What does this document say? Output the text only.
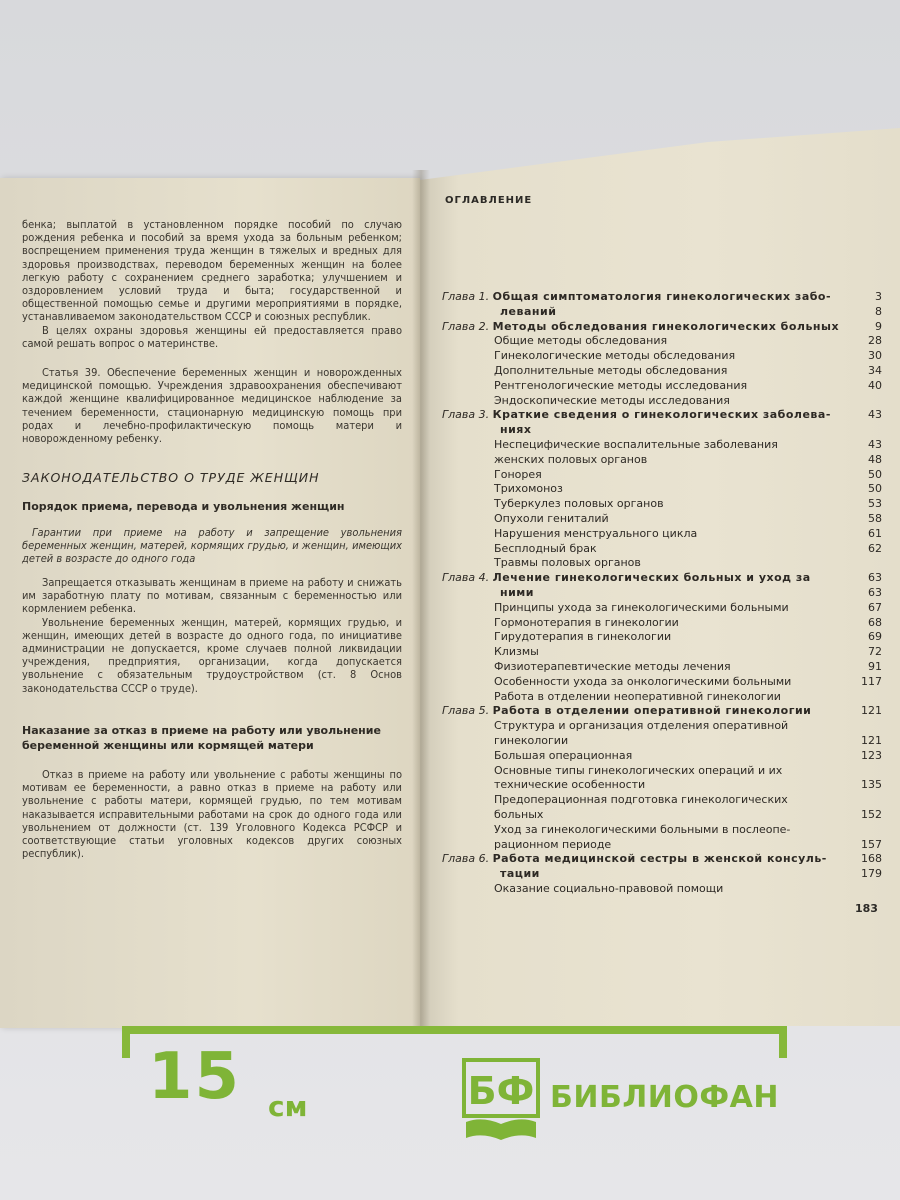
бенка; выплатой в установленном порядке пособий по случаю рождения ребенка и пособий за время ухода за больным ребенком; воспрещением применения труда женщин в тяжелых и вредных для здоровья производствах, переводом беременных женщин на более легкую работу с сохранением среднего заработка; улучшением и оздоровлением условий труда и быта; государственной и общественной помощью семье и другими мероприятиями в порядке, устанавливаемом законодательством СССР и союзных республик.

В целях охраны здоровья женщины ей предоставляется право самой решать вопрос о материнстве.

Статья 39. Обеспечение беременных женщин и новорожденных медицинской помощью. Учреждения здравоохранения обеспечивают каждой женщине квалифицированное медицинское наблюдение за течением беременности, стационарную медицинскую помощь при родах и лечебно-профилактическую помощь матери и новорожденному ребенку.

ЗАКОНОДАТЕЛЬСТВО О ТРУДЕ ЖЕНЩИН
Порядок приема, перевода и увольнения женщин

Гарантии при приеме на работу и запрещение увольнения беременных женщин, матерей, кормящих грудью, и женщин, имеющих детей в возрасте до одного года

Запрещается отказывать женщинам в приеме на работу и снижать им заработную плату по мотивам, связанным с беременностью или кормлением ребенка.

Увольнение беременных женщин, матерей, кормящих грудью, и женщин, имеющих детей в возрасте до одного года, по инициативе администрации не допускается, кроме случаев полной ликвидации учреждения, предприятия, организации, когда допускается увольнение с обязательным трудоустройством (ст. 8 Основ законодательства СССР о труде).

Наказание за отказ в приеме на работу или увольнение беременной женщины или кормящей матери

Отказ в приеме на работу или увольнение с работы женщины по мотивам ее беременности, а равно отказ в приеме на работу или увольнение с работы матери, кормящей грудью, по тем мотивам наказывается исправительными работами на срок до одного года или увольнением от должности (ст. 139 Уголовного Кодекса РСФСР и соответствующие статьи уголовных кодексов других союзных республик).

ОГЛАВЛЕНИЕ
Глава 1. Общая симптоматология гинекологических забо-	3
леваний	8
Глава 2. Методы обследования гинекологических больных	9
Общие методы обследования	28
Гинекологические методы обследования	30
Дополнительные методы обследования	34
Рентгенологические методы исследования	40
Эндоскопические методы исследования
Глава 3. Краткие сведения о гинекологических заболева-	43
ниях
Неспецифические воспалительные заболевания	43
женских половых органов	48
Гонорея	50
Трихомоноз	50
Туберкулез половых органов	53
Опухоли гениталий	58
Нарушения менструального цикла	61
Бесплодный брак	62
Травмы половых органов
Глава 4. Лечение гинекологических больных и уход за	63
ними	63
Принципы ухода за гинекологическими больными	67
Гормонотерапия в гинекологии	68
Гирудотерапия в гинекологии	69
Клизмы	72
Физиотерапевтические методы лечения	91
Особенности ухода за онкологическими больными	117
Работа в отделении неоперативной гинекологии
Глава 5. Работа в отделении оперативной гинекологии	121
Структура и организация отделения оперативной
гинекологии	121
Большая операционная	123
Основные типы гинекологических операций и их
технические особенности	135
Предоперационная подготовка гинекологических
больных	152
Уход за гинекологическими больными в послеопе-
рационном периоде	157
Глава 6. Работа медицинской сестры в женской консуль-	168
тации	179
Оказание социально-правовой помощи
183
15 см	БФ БИБЛИОФАН
